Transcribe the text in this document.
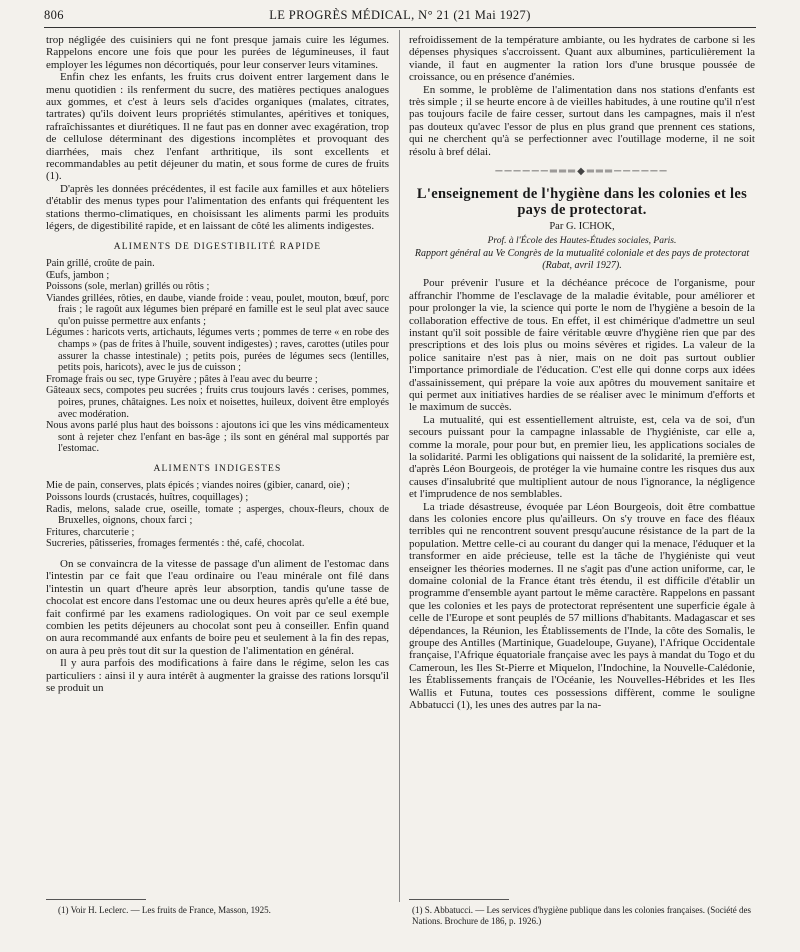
806	LE PROGRÈS MÉDICAL, N° 21 (21 Mai 1927)

trop négligée des cuisiniers qui ne font presque jamais cuire les légumes. Rappelons encore une fois que pour les purées de légumineuses, il faut employer les légumes non décortiqués, pour leur conserver leurs vitamines.

Enfin chez les enfants, les fruits crus doivent entrer largement dans le menu quotidien : ils renferment du sucre, des matières pectiques analogues aux gommes, et c'est à leurs sels d'acides organiques (malates, citrates, tartrates) qu'ils doivent leurs propriétés stimulantes, apéritives et toniques, rafraîchissantes et diurétiques. Il ne faut pas en donner avec exagération, trop de cellulose déterminant des digestions incomplètes et provoquant des diarrhées, mais chez l'enfant arthritique, ils sont excellents et recommandables au petit déjeuner du matin, et sous forme de cures de fruits (1).

D'après les données précédentes, il est facile aux familles et aux hôteliers d'établir des menus types pour l'alimentation des enfants qui fréquentent les stations thermo-climatiques, en choisissant les aliments parmi les produits légers, de digestibilité rapide, et en laissant de côté les aliments indigestes.

ALIMENTS DE DIGESTIBILITÉ RAPIDE

Pain grillé, croûte de pain.

Œufs, jambon ;

Poissons (sole, merlan) grillés ou rôtis ;

Viandes grillées, rôties, en daube, viande froide : veau, poulet, mouton, bœuf, porc frais ; le ragoût aux légumes bien préparé en famille est le seul plat avec sauce qu'on puisse permettre aux enfants ;

Légumes : haricots verts, artichauts, légumes verts ; pommes de terre « en robe des champs » (pas de frites à l'huile, souvent indigestes) ; raves, carottes (utiles pour assurer la chasse intestinale) ; petits pois, purées de légumes secs (lentilles, petits pois, haricots), avec le jus de cuisson ;

Fromage frais ou sec, type Gruyère ; pâtes à l'eau avec du beurre ;

Gâteaux secs, compotes peu sucrées ; fruits crus toujours lavés : cerises, pommes, poires, prunes, châtaignes. Les noix et noisettes, huileux, doivent être employés avec modération.

Nous avons parlé plus haut des boissons : ajoutons ici que les vins médicamenteux sont à rejeter chez l'enfant en bas-âge ; ils sont en général mal supportés par l'estomac.

ALIMENTS INDIGESTES

Mie de pain, conserves, plats épicés ; viandes noires (gibier, canard, oie) ;

Poissons lourds (crustacés, huîtres, coquillages) ;

Radis, melons, salade crue, oseille, tomate ; asperges, choux-fleurs, choux de Bruxelles, oignons, choux farci ;

Fritures, charcuterie ;

Sucreries, pâtisseries, fromages fermentés : thé, café, chocolat.

On se convaincra de la vitesse de passage d'un aliment de l'estomac dans l'intestin par ce fait que l'eau ordinaire ou l'eau minérale ont filé dans l'intestin un quart d'heure après leur absorption, tandis qu'une tasse de chocolat est encore dans l'estomac une ou deux heures après qu'elle a été bue, fait confirmé par les examens radiologiques. On voit par ce seul exemple combien les petits déjeuners au chocolat sont peu à conseiller. Enfin quand on aura recommandé aux enfants de boire peu et seulement à la fin des repas, on aura à peu près tout dit sur la question de l'alimentation en général.

Il y aura parfois des modifications à faire dans le régime, selon les cas particuliers : ainsi il y aura intérêt à augmenter la graisse des rations lorsqu'il se produit un

(1) Voir H. Leclerc. — Les fruits de France, Masson, 1925.

refroidissement de la température ambiante, ou les hydrates de carbone si les dépenses physiques s'accroissent. Quant aux albumines, particulièrement la viande, il faut en augmenter la ration lors d'une brusque poussée de croissance, ou en présence d'anémies.

En somme, le problème de l'alimentation dans nos stations d'enfants est très simple ; il se heurte encore à de vieilles habitudes, à une routine qu'il n'est pas toujours facile de faire cesser, surtout dans les campagnes, mais il n'est pas douteux qu'avec l'essor de plus en plus grand que prennent ces stations, qui ne cherchent qu'à se perfectionner avec l'outillage moderne, il ne soit résolu à bref délai.

──────═══◆═══──────
L'enseignement de l'hygiène dans les colonies et les pays de protectorat.
Par G. ICHOK,
Prof. à l'École des Hautes-Études sociales, Paris.
Rapport général au Ve Congrès de la mutualité coloniale et des pays de protectorat (Rabat, avril 1927).

Pour prévenir l'usure et la déchéance précoce de l'organisme, pour affranchir l'homme de l'esclavage de la maladie évitable, pour améliorer et pour prolonger la vie, la science qui porte le nom de l'hygiène a besoin de la collaboration effective de tous. En effet, il est chimérique d'admettre un seul instant qu'il soit possible de faire véritable œuvre d'hygiène rien que par des prescriptions et des lois plus ou moins sévères et rigides. La valeur de la police sanitaire n'est pas à nier, mais on ne doit pas surtout oublier l'importance primordiale de l'éducation. C'est elle qui donne corps aux idées d'assainissement, qui prépare la voie aux apôtres du mouvement sanitaire et qui permet aux initiatives hardies de se réaliser avec le minimum d'efforts et le maximum de succès.

La mutualité, qui est essentiellement altruiste, est, cela va de soi, d'un secours puissant pour la campagne inlassable de l'hygiéniste, car elle a, comme la morale, pour pour but, en premier lieu, les applications sociales de la solidarité. Parmi les obligations qui naissent de la solidarité, la première est, d'après Léon Bourgeois, de protéger la vie humaine contre les risques dus aux causes d'insalubrité que multiplient autour de nous l'ignorance, la négligence et l'imprudence de nos semblables.

La triade désastreuse, évoquée par Léon Bourgeois, doit être combattue dans les colonies encore plus qu'ailleurs. On s'y trouve en face des fléaux terribles qui ne rencontrent souvent presqu'aucune résistance de la part de la population. Mettre celle-ci au courant du danger qui la menace, l'éduquer et la transformer en aide précieuse, telle est la tâche de l'hygiéniste qui veut enseigner les théories modernes. Il ne s'agit pas d'une action uniforme, car, le domaine colonial de la France étant très étendu, il est difficile d'établir un programme d'ensemble ayant partout le même caractère. Rappelons en passant que les colonies et les pays de protectorat représentent une superficie égale à celle de l'Europe et sont peuplés de 57 millions d'habitants. Madagascar et ses dépendances, la Réunion, les Établissements de l'Inde, la côte des Somalis, le groupe des Antilles (Martinique, Guadeloupe, Guyane), l'Afrique Occidentale française, l'Afrique équatoriale française avec les pays à mandat du Togo et du Cameroun, les Iles St-Pierre et Miquelon, l'Indochine, la Nouvelle-Calédonie, les Établissements français de l'Océanie, les Nouvelles-Hébrides et les Iles Wallis et Futuna, toutes ces possessions diffèrent, comme le souligne Abbatucci (1), les unes des autres par la na-

(1) S. Abbatucci. — Les services d'hygiène publique dans les colonies françaises. (Société des Nations. Brochure de 186, p. 1926.)
